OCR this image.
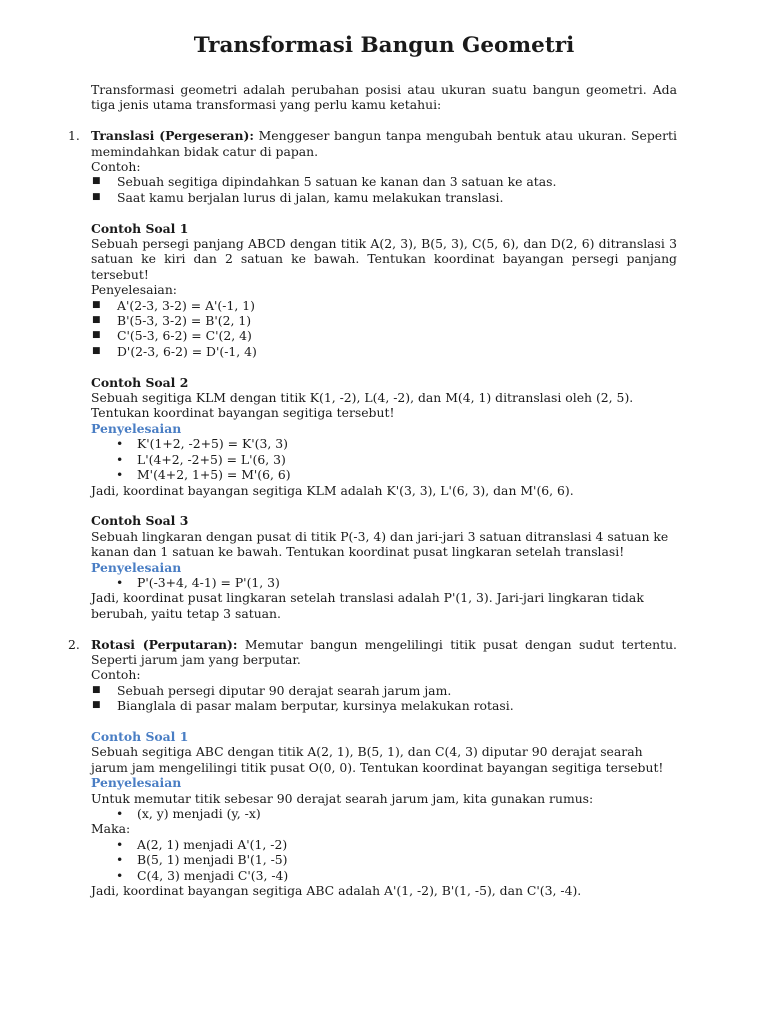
Transformasi Bangun Geometri

Transformasi geometri adalah perubahan posisi atau ukuran suatu bangun geometri. Ada tiga jenis utama transformasi yang perlu kamu ketahui:

1. Translasi (Pergeseran): Menggeser bangun tanpa mengubah bentuk atau ukuran. Seperti memindahkan bidak catur di papan.

Contoh:

■ Sebuah segitiga dipindahkan 5 satuan ke kanan dan 3 satuan ke atas.
■ Saat kamu berjalan lurus di jalan, kamu melakukan translasi.

Contoh Soal 1

Sebuah persegi panjang ABCD dengan titik A(2, 3), B(5, 3), C(5, 6), dan D(2, 6) ditranslasi 3 satuan ke kiri dan 2 satuan ke bawah. Tentukan koordinat bayangan persegi panjang tersebut!

Penyelesaian:

■ A'(2-3, 3-2) = A'(-1, 1)
■ B'(5-3, 3-2) = B'(2, 1)
■ C'(5-3, 6-2) = C'(2, 4)
■ D'(2-3, 6-2) = D'(-1, 4)

Contoh Soal 2

Sebuah segitiga KLM dengan titik K(1, -2), L(4, -2), dan M(4, 1) ditranslasi oleh (2, 5). Tentukan koordinat bayangan segitiga tersebut!

Penyelesaian

• K'(1+2, -2+5) = K'(3, 3)
• L'(4+2, -2+5) = L'(6, 3)
• M'(4+2, 1+5) = M'(6, 6)

Jadi, koordinat bayangan segitiga KLM adalah K'(3, 3), L'(6, 3), dan M'(6, 6).

Contoh Soal 3

Sebuah lingkaran dengan pusat di titik P(-3, 4) dan jari-jari 3 satuan ditranslasi 4 satuan ke kanan dan 1 satuan ke bawah. Tentukan koordinat pusat lingkaran setelah translasi!

Penyelesaian

• P'(-3+4, 4-1) = P'(1, 3)

Jadi, koordinat pusat lingkaran setelah translasi adalah P'(1, 3). Jari-jari lingkaran tidak berubah, yaitu tetap 3 satuan.

2. Rotasi (Perputaran): Memutar bangun mengelilingi titik pusat dengan sudut tertentu. Seperti jarum jam yang berputar.

Contoh:

■ Sebuah persegi diputar 90 derajat searah jarum jam.
■ Bianglala di pasar malam berputar, kursinya melakukan rotasi.

Contoh Soal 1

Sebuah segitiga ABC dengan titik A(2, 1), B(5, 1), dan C(4, 3) diputar 90 derajat searah jarum jam mengelilingi titik pusat O(0, 0). Tentukan koordinat bayangan segitiga tersebut!

Penyelesaian

Untuk memutar titik sebesar 90 derajat searah jarum jam, kita gunakan rumus:

• (x, y) menjadi (y, -x)

Maka:

• A(2, 1) menjadi A'(1, -2)
• B(5, 1) menjadi B'(1, -5)
• C(4, 3) menjadi C'(3, -4)

Jadi, koordinat bayangan segitiga ABC adalah A'(1, -2), B'(1, -5), dan C'(3, -4).
